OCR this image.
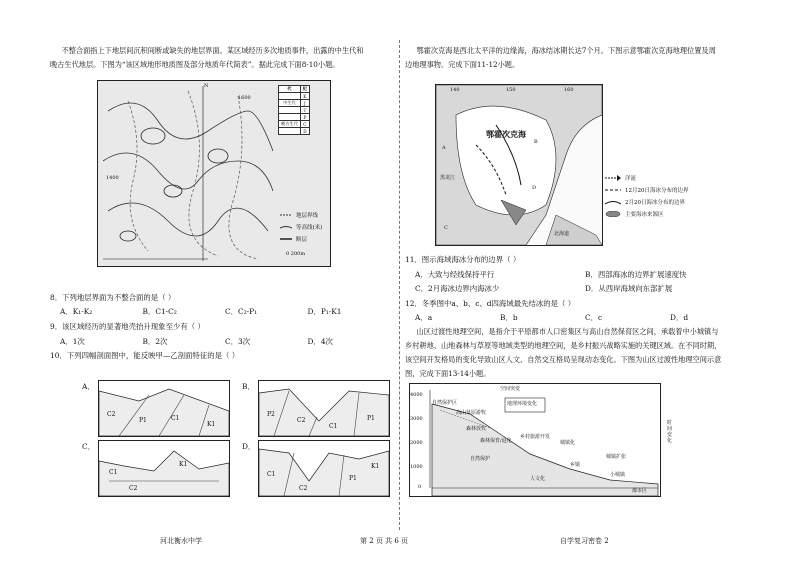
不整合面指上下地层间沉积间断或缺失的地层界面。某区域经历多次地质事件，出露的中生代和

晚古生代地层。下图为“该区域地形地质图及部分地质年代简表”。据此完成下面8-10小题。

N
1600
1400
代	纪
	K
中生代	J
	T
	P
晚古生代	C
	D
地层界线
等高线(米)
断层
0 200m

8．下列地层界面为不整合面的是（ ）

A．K₁-K₂	B．C1-C₂	C．C₂-P₁	D．P₁-K1

9．该区域经历的显著地壳抬升现象至少有（ ）

A．1次	B．2次	C．3次	D．4次

10．下列四幅剖面图中，能反映甲—乙剖面特征的是（ ）

A．
C2
P1	C1
K1
B．
P2
C2
C1
P1
C．
C1
C2
K1
D．
C1
C2
P1
K1

鄂霍次克海是西北太平洋的边缘海，海冰结冰期长达7个月。下图示意鄂霍次克海地理位置及周

边地理事物。完成下面11-12小题。

140	150	160
鄂霍次克海
黑龙江
北海道
A
B
C
D
洋流
12月20日海冰分布的边界
2月20日海冰分布的边界
主要海冰来源区

11．图示海域海冰分布的边界（ ）

A．大致与经线保持平行	B．西部海冰的边界扩展速度快
C．2月海冰边界内海冰少	D．从西岸海域向东部扩展

12．冬季图中a、b、c、d四海域最先结冰的是（ ）

A．a	B．b	C．c	D．d

山区过渡性地理空间，是指介于平原都市人口密集区与高山自然保育区之间，承载着中小城镇与

乡村耕地、山地森林与草原等地域类型的地理空间，是乡村振兴战略实施的关键区域。在不同时期，

该空间开发格局的变化导致山区人文、自然交互格局呈现动态变化。下图为山区过渡性地理空间示意

图，完成下面13-14小题。

空间突变
4000
3000
2000
1000
0
自然保护区	地理环境变化
高山草原游牧
森林放牧
森林保育/退化
乡村旅游开发
自然保护
城镇化
乡镇
人文化
城镇扩张
小城镇
都市区
时间变化
河北衡水中学	第 2 页 共 6 页	自学复习密卷 2
